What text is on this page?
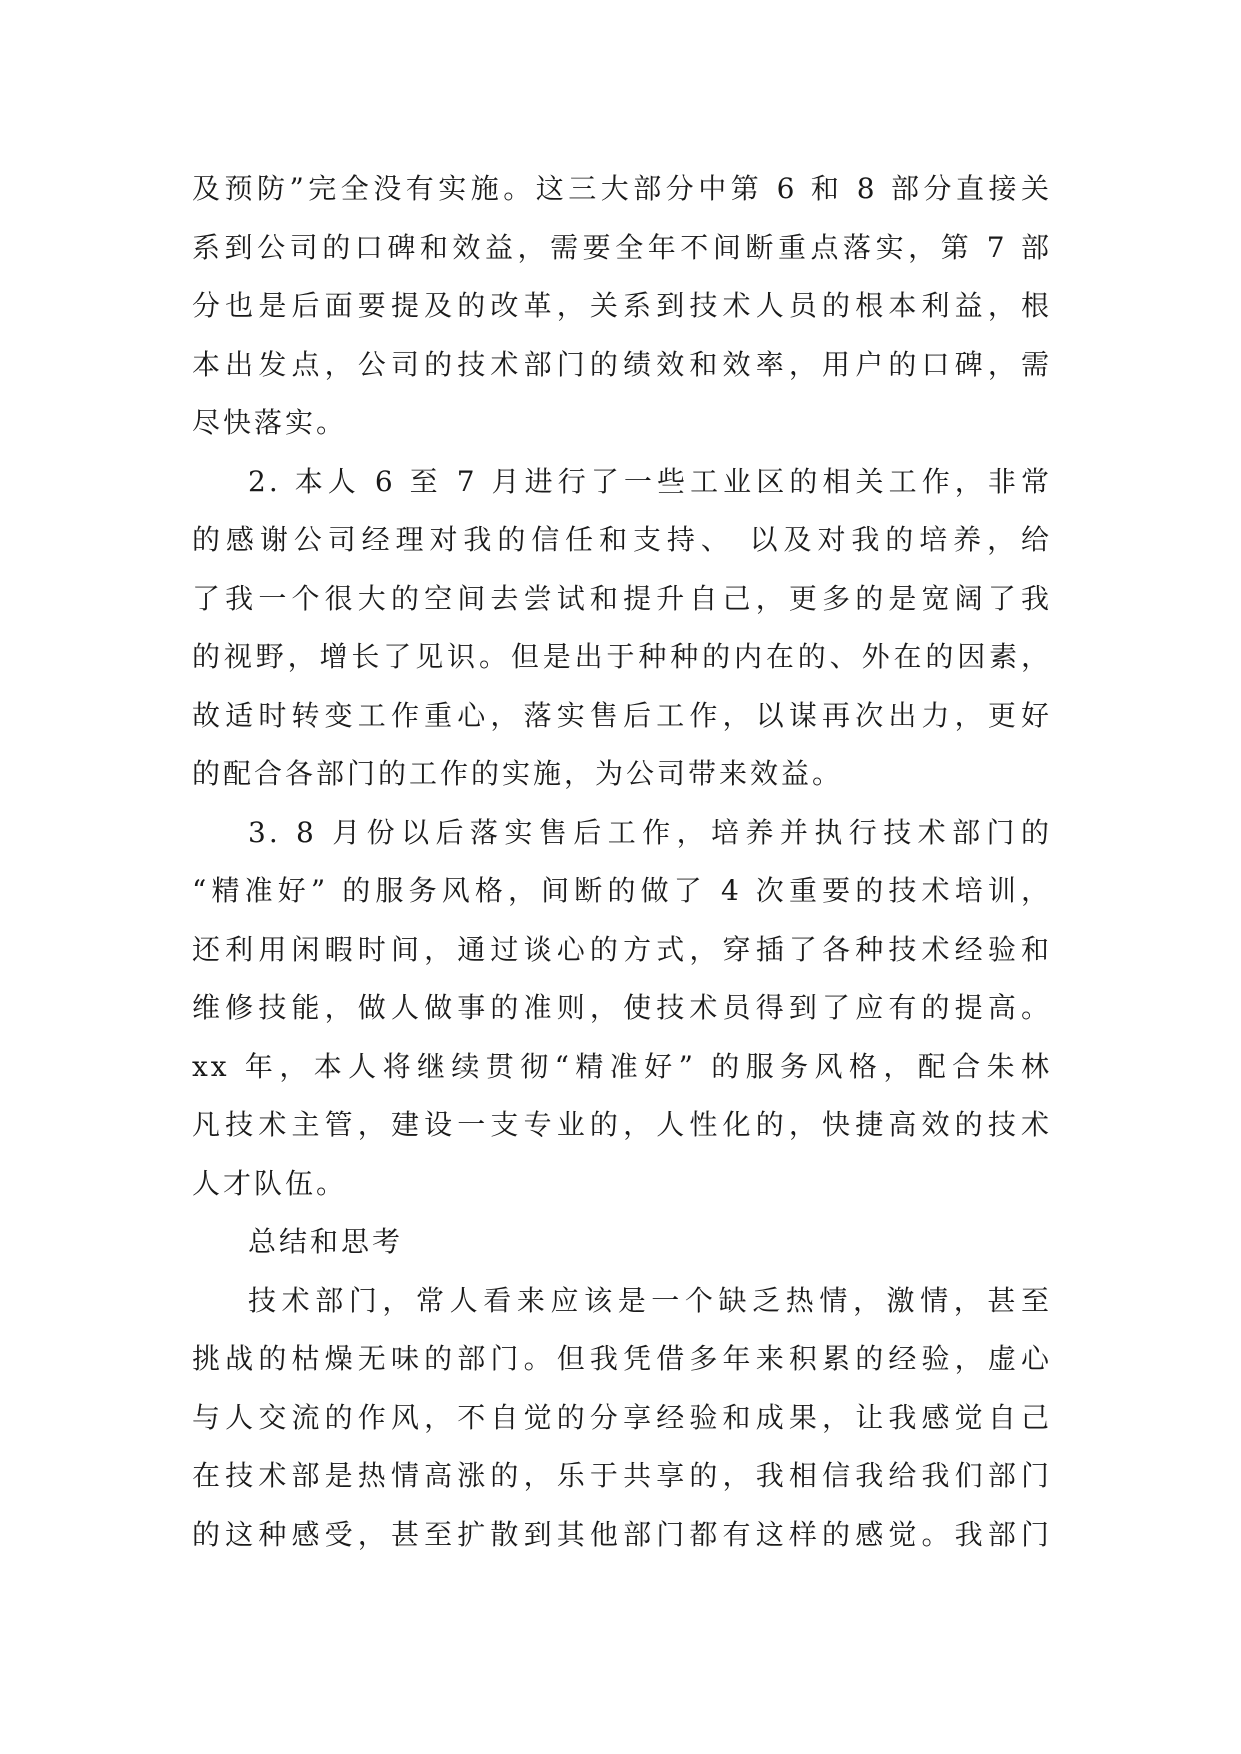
及预防”完全没有实施。这三大部分中第 6 和 8 部分直接关
系到公司的口碑和效益，需要全年不间断重点落实，第 7 部
分也是后面要提及的改革，关系到技术人员的根本利益，根
本出发点，公司的技术部门的绩效和效率，用户的口碑，需
尽快落实。
2. 本人 6 至 7 月进行了一些工业区的相关工作，非常
的感谢公司经理对我的信任和支持、 以及对我的培养，给
了我一个很大的空间去尝试和提升自己，更多的是宽阔了我
的视野，增长了见识。但是出于种种的内在的、外在的因素，
故适时转变工作重心，落实售后工作，以谋再次出力，更好
的配合各部门的工作的实施，为公司带来效益。
3. 8 月份以后落实售后工作，培养并执行技术部门的
“精准好” 的服务风格，间断的做了 4 次重要的技术培训，
还利用闲暇时间，通过谈心的方式，穿插了各种技术经验和
维修技能，做人做事的准则，使技术员得到了应有的提高。
xx 年，本人将继续贯彻“精准好” 的服务风格，配合朱林
凡技术主管，建设一支专业的，人性化的，快捷高效的技术
人才队伍。
总结和思考
技术部门，常人看来应该是一个缺乏热情，激情，甚至
挑战的枯燥无味的部门。但我凭借多年来积累的经验，虚心
与人交流的作风，不自觉的分享经验和成果，让我感觉自己
在技术部是热情高涨的，乐于共享的，我相信我给我们部门
的这种感受，甚至扩散到其他部门都有这样的感觉。我部门
